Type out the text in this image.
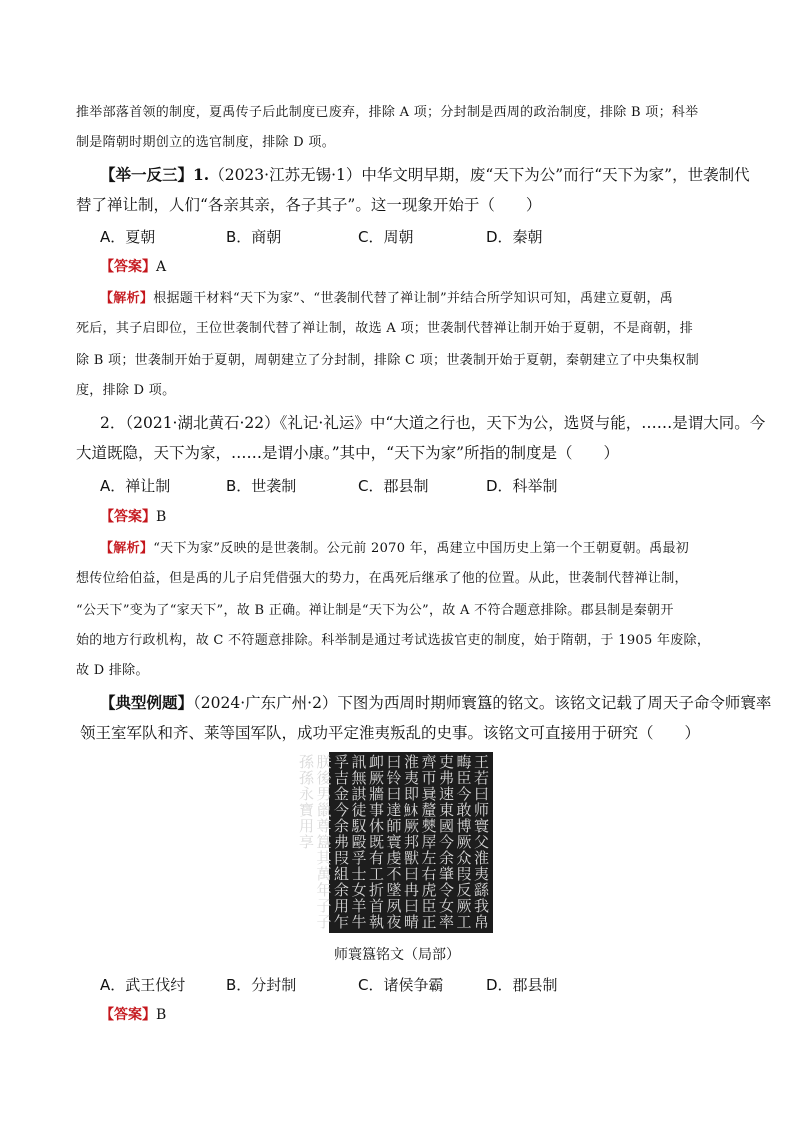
推举部落首领的制度，夏禹传子后此制度已废弃，排除 A 项；分封制是西周的政治制度，排除 B 项；科举
制是隋朝时期创立的选官制度，排除 D 项。
【举一反三】1.（2023·江苏无锡·1）中华文明早期，废“天下为公”而行“天下为家”，世袭制代
替了禅让制，人们“各亲其亲，各子其子”。这一现象开始于（　　）
A．夏朝	B．商朝	C．周朝	D．秦朝
【答案】A
【解析】根据题干材料“天下为家”、“世袭制代替了禅让制”并结合所学知识可知，禹建立夏朝，禹
死后，其子启即位，王位世袭制代替了禅让制，故选 A 项；世袭制代替禅让制开始于夏朝，不是商朝，排
除 B 项；世袭制开始于夏朝，周朝建立了分封制，排除 C 项；世袭制开始于夏朝，秦朝建立了中央集权制
度，排除 D 项。
2．（2021·湖北黄石·22）《礼记·礼运》中“大道之行也，天下为公，选贤与能，……是谓大同。今
大道既隐，天下为家，……是谓小康。”其中，“天下为家”所指的制度是（　　）
A．禅让制	B．世袭制	C．郡县制	D．科举制
【答案】B
【解析】“天下为家”反映的是世袭制。公元前 2070 年，禹建立中国历史上第一个王朝夏朝。禹最初
想传位给伯益，但是禹的儿子启凭借强大的势力，在禹死后继承了他的位置。从此，世袭制代替禅让制，
“公天下”变为了“家天下”，故 B 正确。禅让制是“天下为公”，故 A 不符合题意排除。郡县制是秦朝开
始的地方行政机构，故 C 不符题意排除。科举制是通过考试选拔官吏的制度，始于隋朝，于 1905 年废除，
故 D 排除。
【典型例题】（2024·广东广州·2）下图为西周时期师寰簋的铭文。该铭文记载了周天子命令师寰率
领王室军队和齐、莱等国军队，成功平定淮夷叛乱的史事。该铭文可直接用于研究（　　）
王若曰师寰父淮夷繇我帛畮臣今敢博厥众叚反厥工吏弗速東國今余肇令女率齊帀㠱釐僰屖左右虎臣正淮夷即𩵦厥邦獸曰冉曰𤲟曰铃曰達師寰虔不墜夙夜卹厥牆事休既有工折首執訊無諆徒馭毆孚士女羊牛孚吉金今余弗叚組余用乍朕後男巤尊簋其萬年子子孫孫永寶用享
师寰簋铭文（局部）
A．武王伐纣	B．分封制	C．诸侯争霸	D．郡县制
【答案】B
